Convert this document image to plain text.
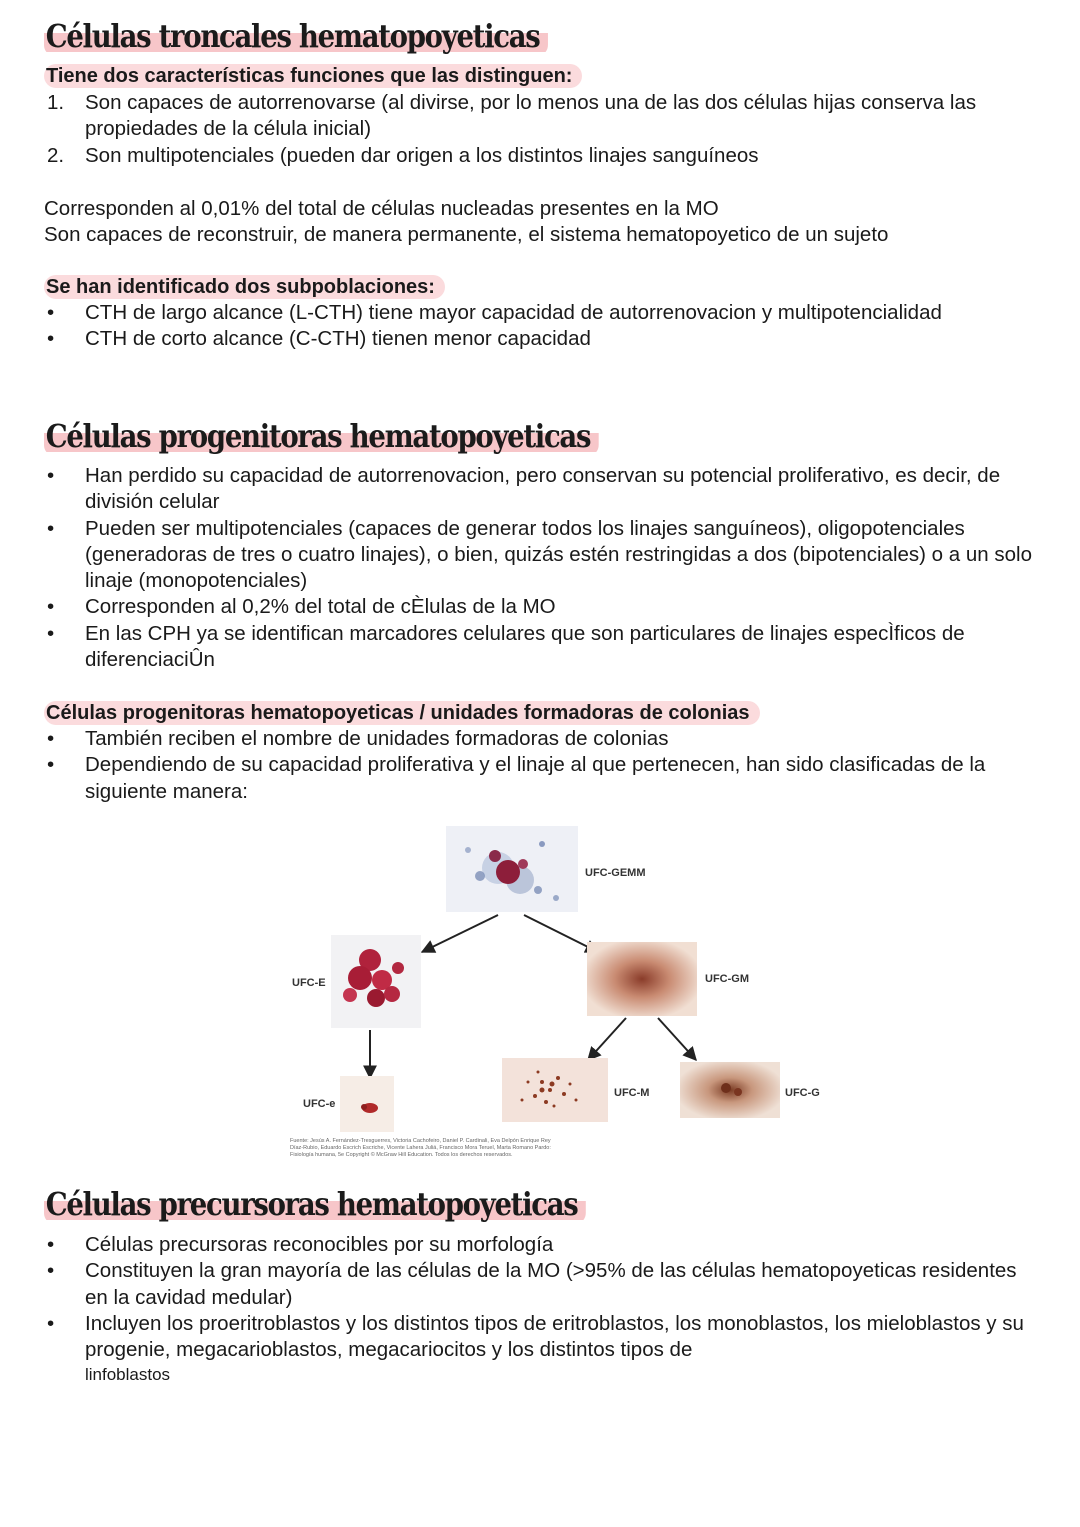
Células troncales hematopoyeticas
Tiene dos características funciones que las distinguen:
1.	Son capaces de autorrenovarse (al divirse, por lo menos una de las dos células hijas conserva las propiedades de la célula inicial)
2.	Son multipotenciales (pueden dar origen a los distintos linajes sanguíneos

Corresponden al 0,01% del total de células nucleadas presentes en la MO

Son capaces de reconstruir, de manera permanente, el sistema hematopoyetico de un sujeto

Se han identificado dos subpoblaciones:
•	CTH de largo alcance (L-CTH) tiene mayor capacidad de autorrenovacion y multipotencialidad
•	CTH de corto alcance (C-CTH) tienen menor capacidad
Células progenitoras hematopoyeticas
•	Han perdido su capacidad de autorrenovacion, pero conservan su potencial proliferativo, es decir, de división celular
•	Pueden ser multipotenciales (capaces de generar todos los linajes sanguíneos), oligopotenciales (generadoras de tres o cuatro linajes), o bien, quizás estén restringidas a dos (bipotenciales) o a un solo linaje (monopotenciales)
•	Corresponden al 0,2% del total de cÈlulas de la MO
•	En las CPH ya se identifican marcadores celulares que son particulares de linajes especÌficos de diferenciaciÛn
Células progenitoras hematopoyeticas / unidades formadoras de colonias
•	También reciben el nombre de unidades formadoras de colonias
•	Dependiendo de su capacidad proliferativa y el linaje al que pertenecen, han sido clasificadas de la siguiente manera:
UFC-GEMM
UFC-E	UFC-GM
UFC-e
UFC-M	UFC-G
Fuente: Jesús A. Fernández-Tresguerres, Victoria Cachofeiro, Daniel P. Cardinali, Eva Delpón Enrique Rey
Díaz-Rubio, Eduardo Escrich Escriche, Vicente Lahera Juliá, Francisco Mora Teruel, Marta Romano Pardo:
Fisiología humana, 5e Copyright © McGraw Hill Education. Todos los derechos reservados.
Células precursoras hematopoyeticas
•	Células precursoras reconocibles por su morfología
•	Constituyen la gran mayoría de las células de la MO (>95% de las células hematopoyeticas residentes en la cavidad medular)
•	Incluyen los proeritroblastos y los distintos tipos de eritroblastos, los monoblastos, los mieloblastos y su progenie, megacarioblastos, megacariocitos y los distintos tipos de

linfoblastos
